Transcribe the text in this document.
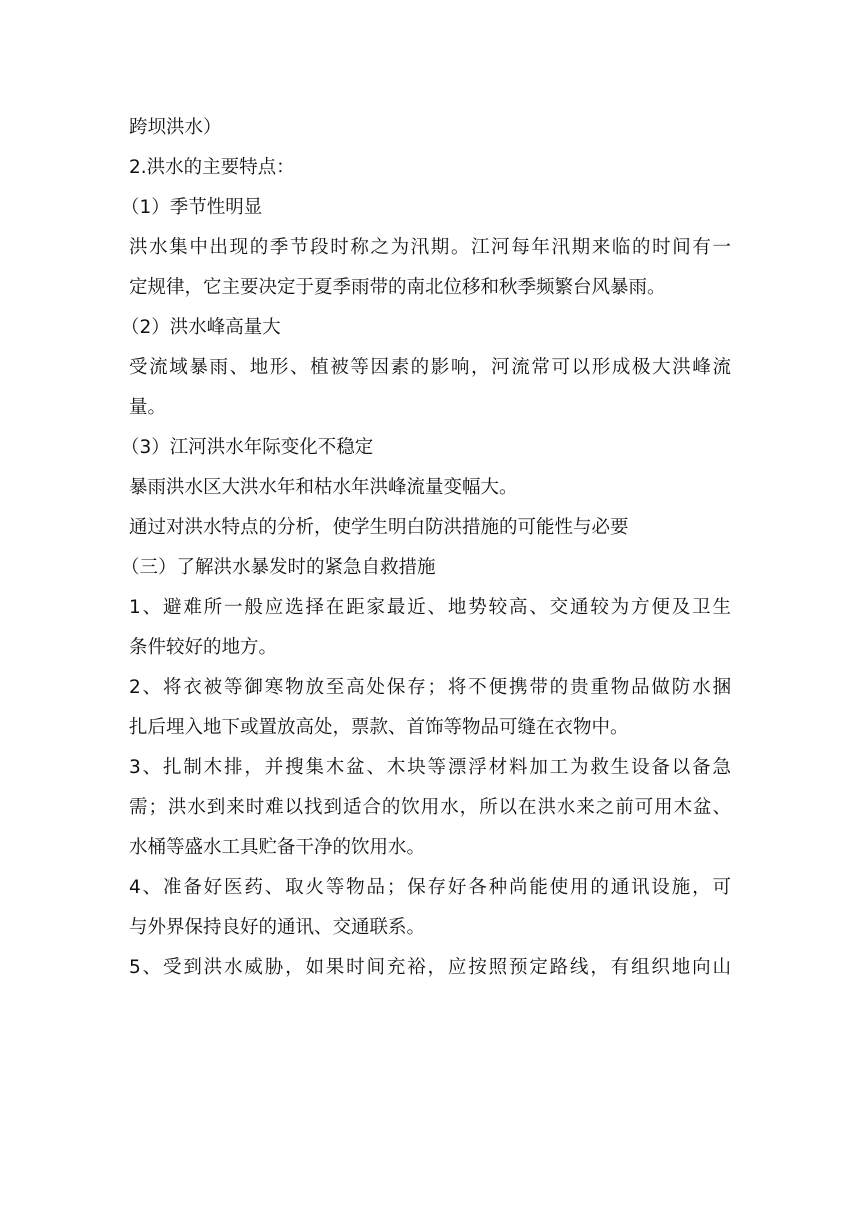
跨坝洪水）
2.洪水的主要特点：
（1）季节性明显
洪水集中出现的季节段时称之为汛期。江河每年汛期来临的时间有一
定规律，它主要决定于夏季雨带的南北位移和秋季频繁台风暴雨。
（2）洪水峰高量大
受流域暴雨、地形、植被等因素的影响，河流常可以形成极大洪峰流
量。
（3）江河洪水年际变化不稳定
暴雨洪水区大洪水年和枯水年洪峰流量变幅大。
通过对洪水特点的分析，使学生明白防洪措施的可能性与必要
（三）了解洪水暴发时的紧急自救措施
1、避难所一般应选择在距家最近、地势较高、交通较为方便及卫生
条件较好的地方。
2、将衣被等御寒物放至高处保存；将不便携带的贵重物品做防水捆
扎后埋入地下或置放高处，票款、首饰等物品可缝在衣物中。
3、扎制木排，并搜集木盆、木块等漂浮材料加工为救生设备以备急
需；洪水到来时难以找到适合的饮用水，所以在洪水来之前可用木盆、
水桶等盛水工具贮备干净的饮用水。
4、准备好医药、取火等物品；保存好各种尚能使用的通讯设施，可
与外界保持良好的通讯、交通联系。
5、受到洪水威胁，如果时间充裕，应按照预定路线，有组织地向山
